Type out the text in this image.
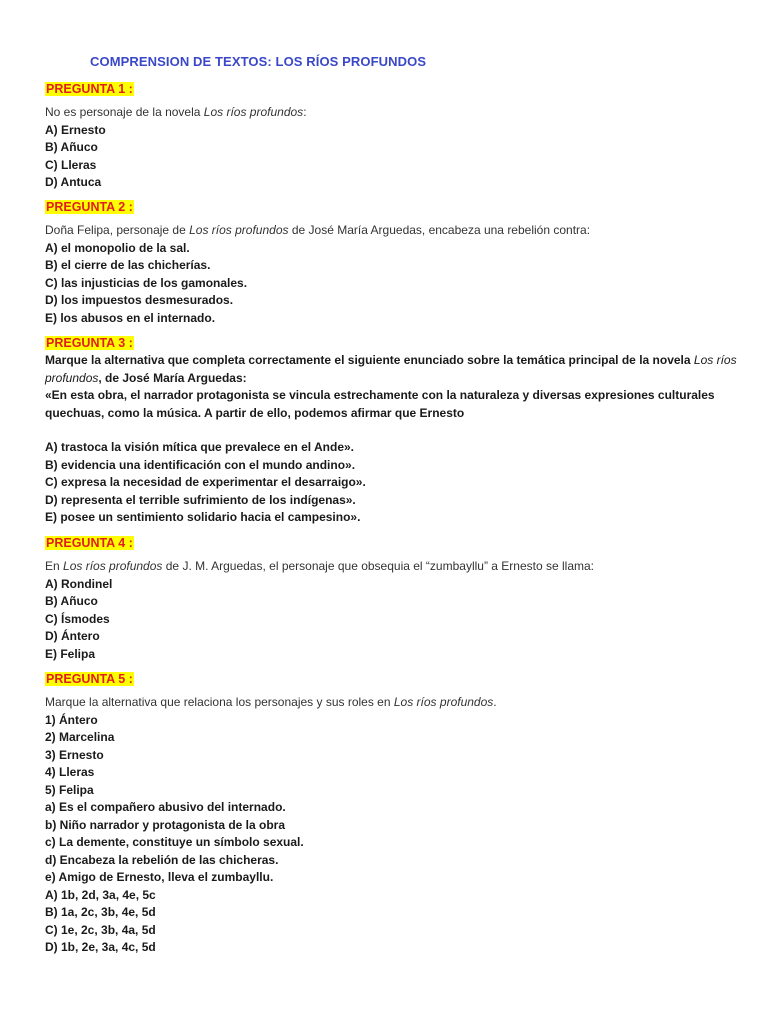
COMPRENSION DE TEXTOS: LOS RÍOS PROFUNDOS
PREGUNTA 1 :
No es personaje de la novela Los ríos profundos:
A) Ernesto
B) Añuco
C) Lleras
D) Antuca
PREGUNTA 2 :
Doña Felipa, personaje de Los ríos profundos de José María Arguedas, encabeza una rebelión contra:
A) el monopolio de la sal.
B) el cierre de las chicherías.
C) las injusticias de los gamonales.
D) los impuestos desmesurados.
E) los abusos en el internado.
PREGUNTA 3 :
Marque la alternativa que completa correctamente el siguiente enunciado sobre la temática principal de la novela Los ríos profundos, de José María Arguedas:
«En esta obra, el narrador protagonista se vincula estrechamente con la naturaleza y diversas expresiones culturales quechuas, como la música. A partir de ello, podemos afirmar que Ernesto
A) trastoca la visión mítica que prevalece en el Ande».
B) evidencia una identificación con el mundo andino».
C) expresa la necesidad de experimentar el desarraigo».
D) representa el terrible sufrimiento de los indígenas».
E) posee un sentimiento solidario hacia el campesino».
PREGUNTA 4 :
En Los ríos profundos de J. M. Arguedas, el personaje que obsequia el “zumbayllu” a Ernesto se llama:
A) Rondinel
B) Añuco
C) Ísmodes
D) Ántero
E) Felipa
PREGUNTA 5 :
Marque la alternativa que relaciona los personajes y sus roles en Los ríos profundos.
1) Ántero
2) Marcelina
3) Ernesto
4) Lleras
5) Felipa
a) Es el compañero abusivo del internado.
b) Niño narrador y protagonista de la obra
c) La demente, constituye un símbolo sexual.
d) Encabeza la rebelión de las chicheras.
e) Amigo de Ernesto, lleva el zumbayllu.
A) 1b, 2d, 3a, 4e, 5c
B) 1a, 2c, 3b, 4e, 5d
C) 1e, 2c, 3b, 4a, 5d
D) 1b, 2e, 3a, 4c, 5d
